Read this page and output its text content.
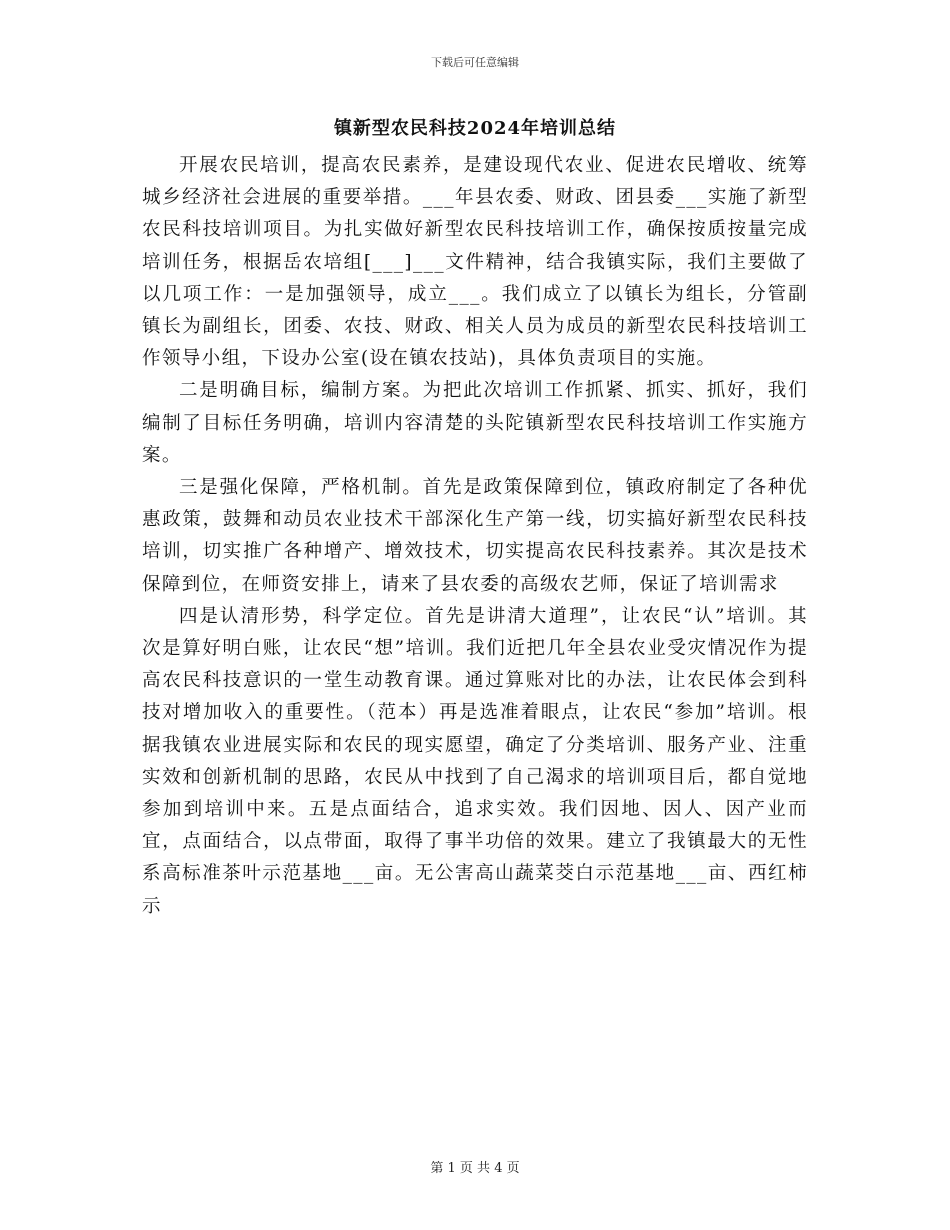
下载后可任意编辑
镇新型农民科技2024年培训总结

开展农民培训，提高农民素养，是建设现代农业、促进农民增收、统筹城乡经济社会进展的重要举措。___年县农委、财政、团县委___实施了新型农民科技培训项目。为扎实做好新型农民科技培训工作，确保按质按量完成培训任务，根据岳农培组[___]___文件精神，结合我镇实际，我们主要做了以几项工作：一是加强领导，成立___。我们成立了以镇长为组长，分管副镇长为副组长，团委、农技、财政、相关人员为成员的新型农民科技培训工作领导小组，下设办公室(设在镇农技站)，具体负责项目的实施。

二是明确目标，编制方案。为把此次培训工作抓紧、抓实、抓好，我们编制了目标任务明确，培训内容清楚的头陀镇新型农民科技培训工作实施方案。

三是强化保障，严格机制。首先是政策保障到位，镇政府制定了各种优惠政策，鼓舞和动员农业技术干部深化生产第一线，切实搞好新型农民科技培训，切实推广各种增产、增效技术，切实提高农民科技素养。其次是技术保障到位，在师资安排上，请来了县农委的高级农艺师，保证了培训需求

四是认清形势，科学定位。首先是讲清大道理”，让农民“认”培训。其次是算好明白账，让农民“想”培训。我们近把几年全县农业受灾情况作为提高农民科技意识的一堂生动教育课。通过算账对比的办法，让农民体会到科技对增加收入的重要性。（范本）再是选准着眼点，让农民“参加”培训。根据我镇农业进展实际和农民的现实愿望，确定了分类培训、服务产业、注重实效和创新机制的思路，农民从中找到了自己渴求的培训项目后，都自觉地参加到培训中来。五是点面结合，追求实效。我们因地、因人、因产业而宜，点面结合，以点带面，取得了事半功倍的效果。建立了我镇最大的无性系高标准茶叶示范基地___亩。无公害高山蔬菜茭白示范基地___亩、西红柿示

第 1 页 共 4 页
